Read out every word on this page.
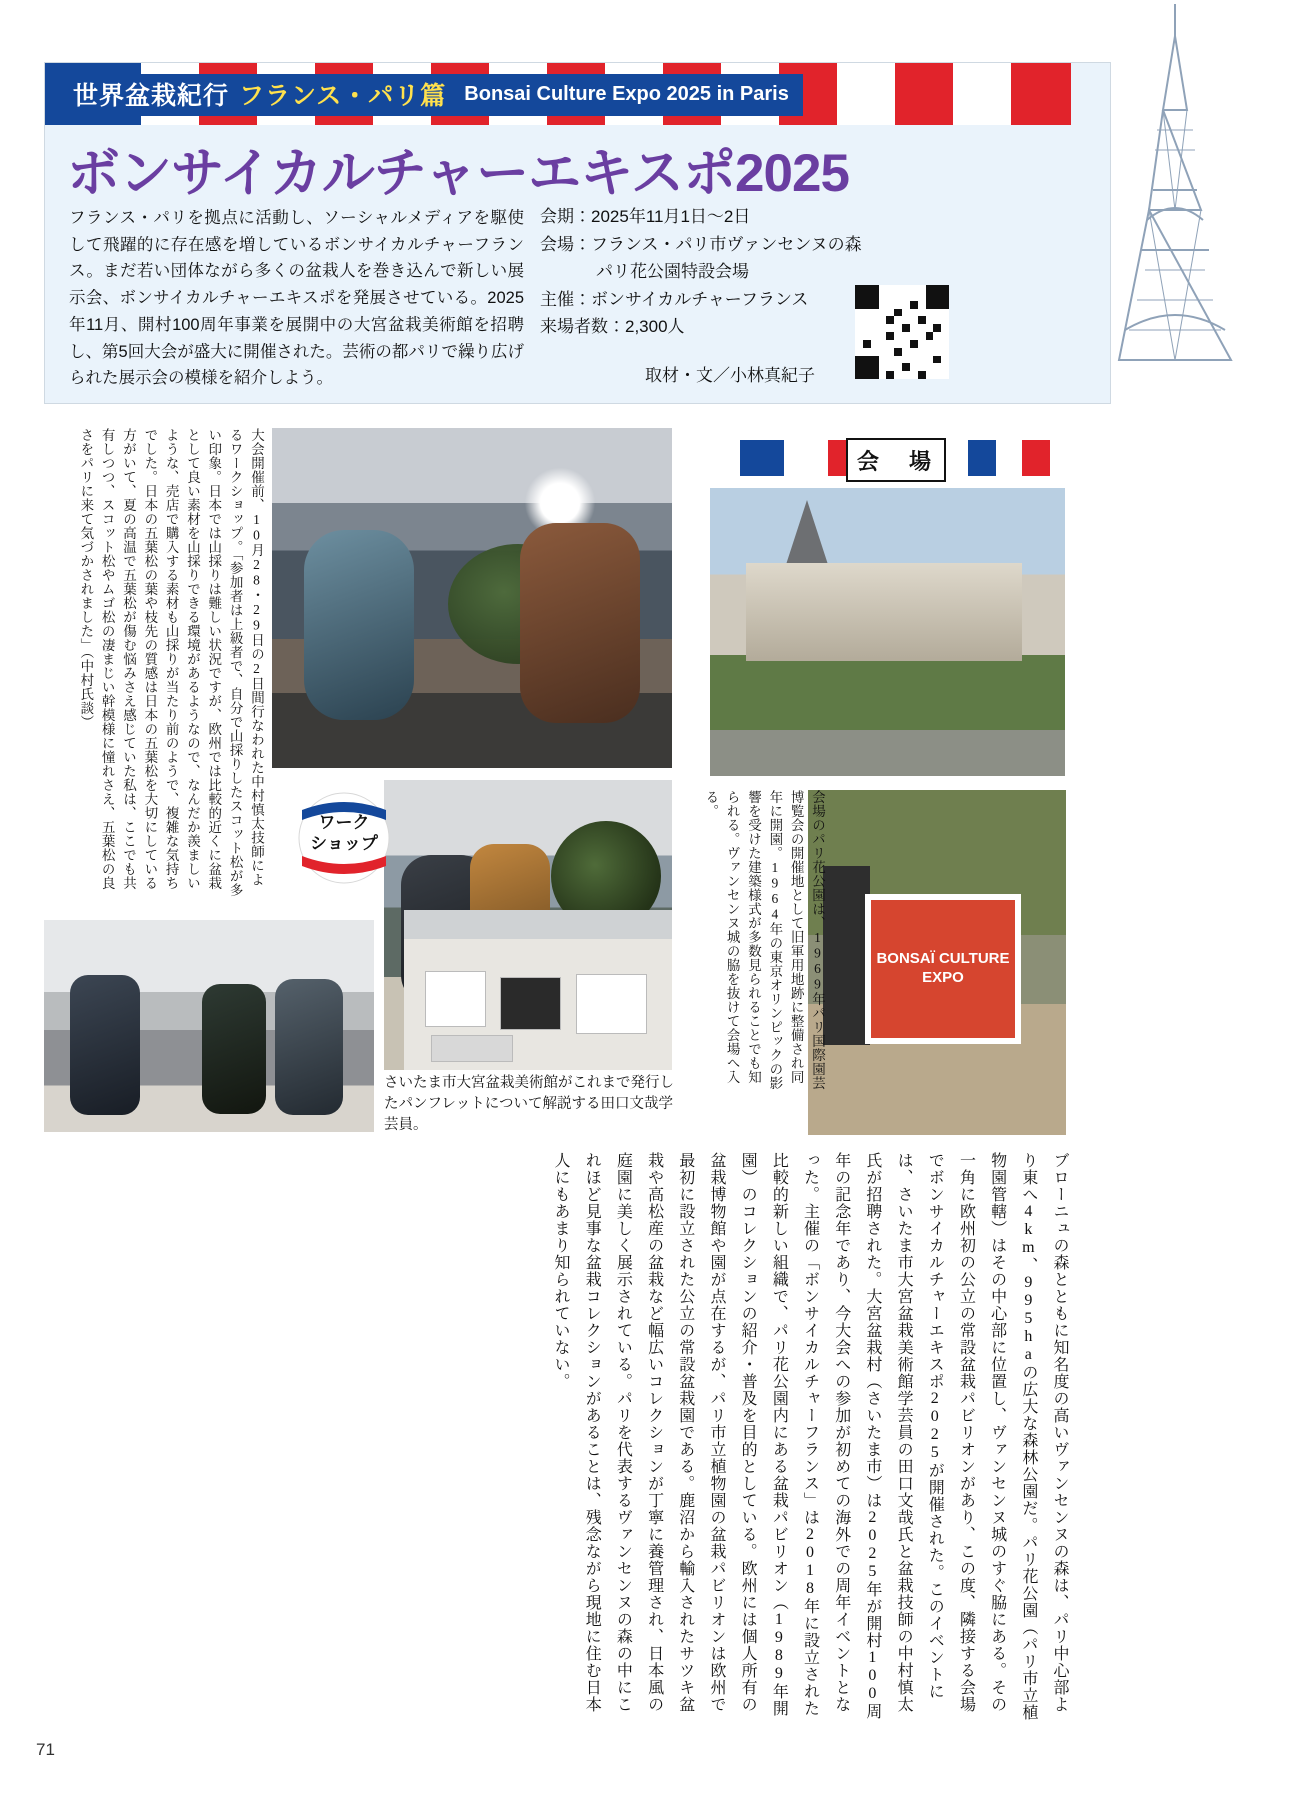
世界盆栽紀行 フランス・パリ篇 Bonsai Culture Expo 2025 in Paris
ボンサイカルチャーエキスポ2025
フランス・パリを拠点に活動し、ソーシャルメディアを駆使して飛躍的に存在感を増しているボンサイカルチャーフランス。まだ若い団体ながら多くの盆栽人を巻き込んで新しい展示会、ボンサイカルチャーエキスポを発展させている。2025年11月、開村100周年事業を展開中の大宮盆栽美術館を招聘し、第5回大会が盛大に開催された。芸術の都パリで繰り広げられた展示会の模様を紹介しよう。
会期：2025年11月1日〜2日
会場：フランス・パリ市ヴァンセンヌの森
パリ花公園特設会場
主催：ボンサイカルチャーフランス
来場者数：2,300人
取材・文／小林真紀子
大会開催前、10月28・29日の2日間行なわれた中村慎太技師によるワークショップ。「参加者は上級者で、自分で山採りしたスコット松が多い印象。日本では山採りは難しい状況ですが、欧州では比較的近くに盆栽として良い素材を山採りできる環境があるようなので、なんだか羨ましいような、売店で購入する素材も山採りが当たり前のようで、複雑な気持ちでした。日本の五葉松の葉や枝先の質感は日本の五葉松を大切にしている方がいて、夏の高温で五葉松が傷む悩みさえ感じていた私は、ここでも共有しつつ、スコット松やムゴ松の凄まじい幹模様に憧れさえ、五葉松の良さをパリに来て気づかされました」（中村氏談）
ワーク
ショップ
さいたま市大宮盆栽美術館がこれまで発行したパンフレットについて解説する田口文哉学芸員。
会　場
会場のパリ花公園は、1969年パリ国際園芸博覧会の開催地として旧軍用地跡に整備され同年に開園。1964年の東京オリンピックの影響を受けた建築様式が多数見られることでも知られる。ヴァンセンヌ城の脇を抜けて会場へ入る。
BONSAÏ CULTURE EXPO
ブローニュの森とともに知名度の高いヴァンセンヌの森は、パリ中心部より東へ4km、995haの広大な森林公園だ。パリ花公園（パリ市立植物園管轄）はその中心部に位置し、ヴァンセンヌ城のすぐ脇にある。その一角に欧州初の公立の常設盆栽パビリオンがあり、この度、隣接する会場でボンサイカルチャーエキスポ2025が開催された。このイベントには、さいたま市大宮盆栽美術館学芸員の田口文哉氏と盆栽技師の中村慎太氏が招聘された。大宮盆栽村（さいたま市）は2025年が開村100周年の記念年であり、今大会への参加が初めての海外での周年イベントとなった。主催の「ボンサイカルチャーフランス」は2018年に設立された比較的新しい組織で、パリ花公園内にある盆栽パビリオン（1989年開園）のコレクションの紹介・普及を目的としている。欧州には個人所有の盆栽博物館や園が点在するが、パリ市立植物園の盆栽パビリオンは欧州で最初に設立された公立の常設盆栽園である。鹿沼から輸入されたサツキ盆栽や高松産の盆栽など幅広いコレクションが丁寧に養管理され、日本風の庭園に美しく展示されている。パリを代表するヴァンセンヌの森の中にこれほど見事な盆栽コレクションがあることは、残念ながら現地に住む日本人にもあまり知られていない。
71
